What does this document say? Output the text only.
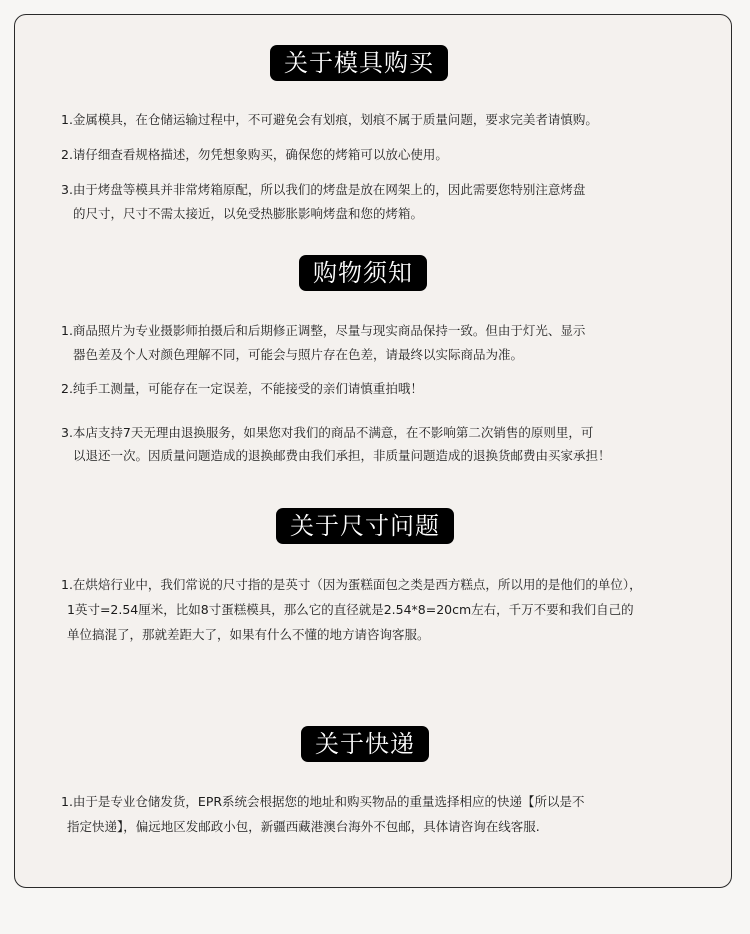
关于模具购买
1.金属模具，在仓储运输过程中，不可避免会有划痕，划痕不属于质量问题，要求完美者请慎购。
2.请仔细查看规格描述，勿凭想象购买，确保您的烤箱可以放心使用。
3.由于烤盘等模具并非常烤箱原配，所以我们的烤盘是放在网架上的，因此需要您特别注意烤盘
的尺寸，尺寸不需太接近，以免受热膨胀影响烤盘和您的烤箱。
购物须知
1.商品照片为专业摄影师拍摄后和后期修正调整，尽量与现实商品保持一致。但由于灯光、显示
器色差及个人对颜色理解不同，可能会与照片存在色差，请最终以实际商品为准。
2.纯手工测量，可能存在一定误差，不能接受的亲们请慎重拍哦！
3.本店支持7天无理由退换服务，如果您对我们的商品不满意，在不影响第二次销售的原则里，可
以退还一次。因质量问题造成的退换邮费由我们承担，非质量问题造成的退换货邮费由买家承担！
关于尺寸问题
1.在烘焙行业中，我们常说的尺寸指的是英寸（因为蛋糕面包之类是西方糕点，所以用的是他们的单位），
1英寸=2.54厘米，比如8寸蛋糕模具，那么它的直径就是2.54*8=20cm左右，千万不要和我们自己的
单位搞混了，那就差距大了，如果有什么不懂的地方请咨询客服。
关于快递
1.由于是专业仓储发货，EPR系统会根据您的地址和购买物品的重量选择相应的快递【所以是不
指定快递】，偏远地区发邮政小包，新疆西藏港澳台海外不包邮，具体请咨询在线客服.
